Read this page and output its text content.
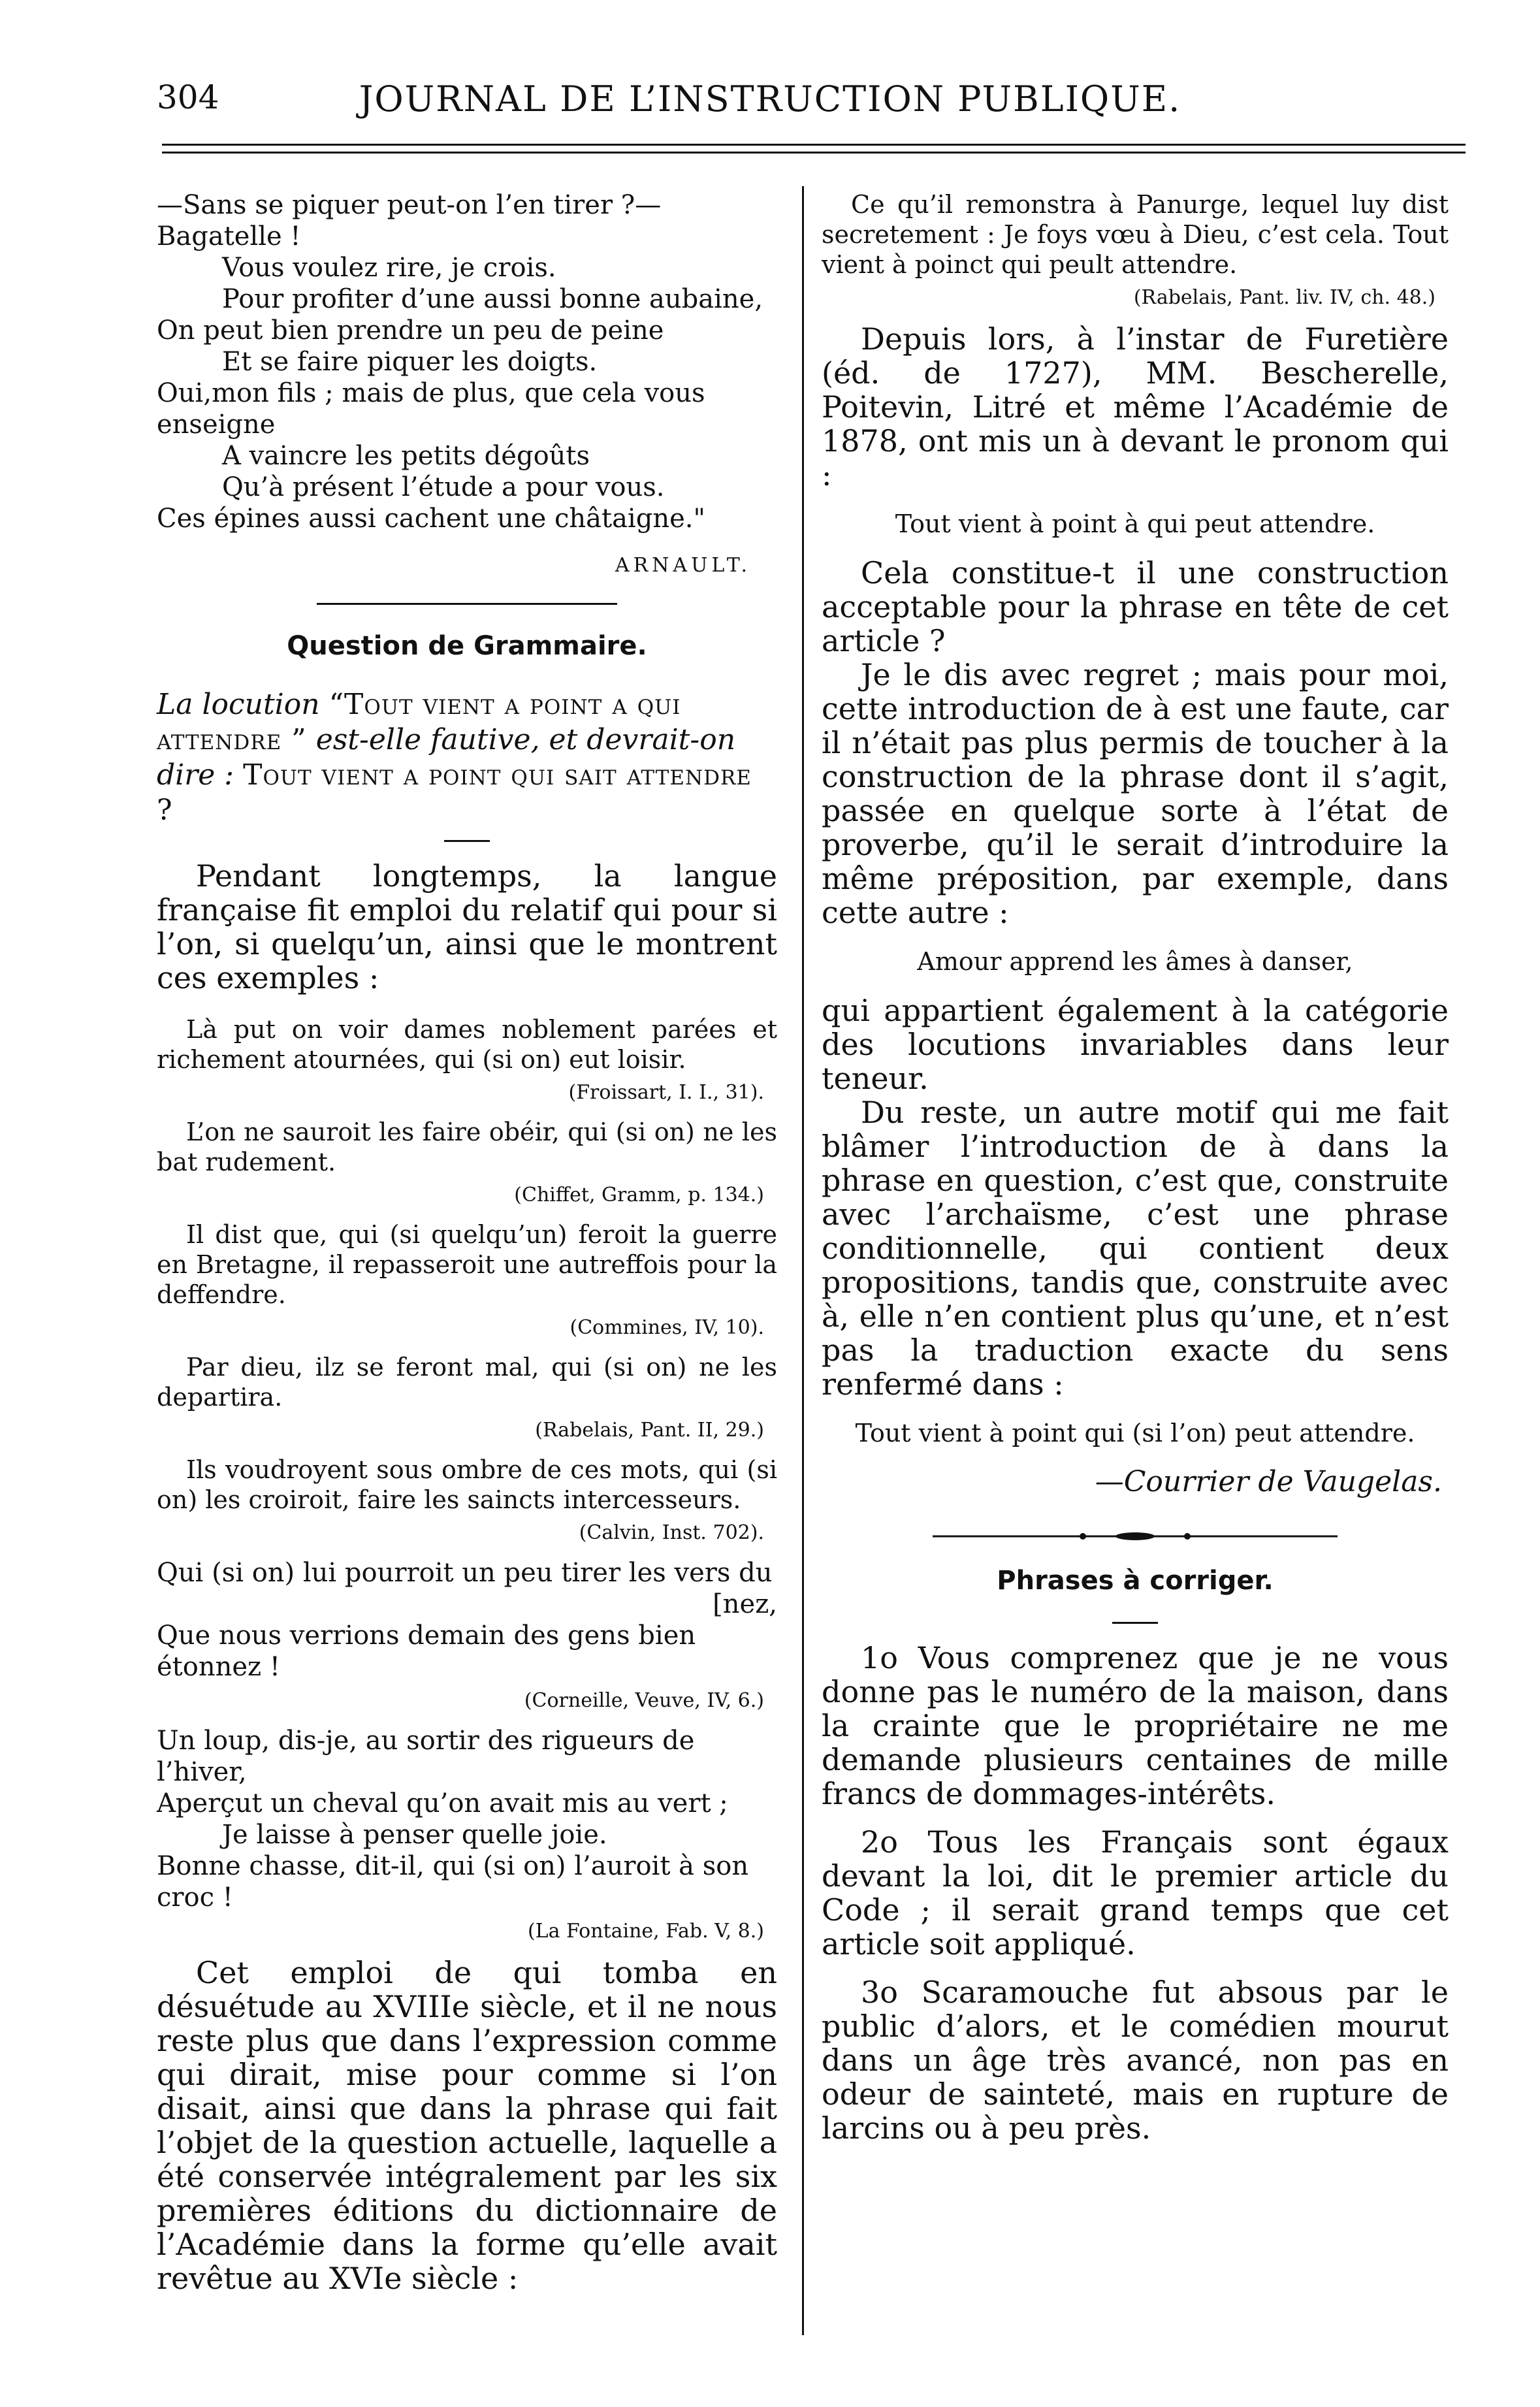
304	JOURNAL DE L’INSTRUCTION PUBLIQUE.

—Sans se piquer peut-on l’en tirer ?—Bagatelle !

Vous voulez rire, je crois.

Pour profiter d’une aussi bonne aubaine,

On peut bien prendre un peu de peine

Et se faire piquer les doigts.

Oui,mon fils ; mais de plus, que cela vous enseigne

A vaincre les petits dégoûts

Qu’à présent l’étude a pour vous.

Ces épines aussi cachent une châtaigne."

ARNAULT.

Question de Grammaire.

La locution “Tout vient a point a qui attendre ” est-elle fautive, et devrait-on dire : Tout vient a point qui sait attendre ?

Pendant longtemps, la langue française fit emploi du relatif qui pour si l’on, si quelqu’un, ainsi que le montrent ces exemples :

Là put on voir dames noblement parées et richement atournées, qui (si on) eut loisir.

(Froissart, I. I., 31).

L’on ne sauroit les faire obéir, qui (si on) ne les bat rudement.

(Chiffet, Gramm, p. 134.)

Il dist que, qui (si quelqu’un) feroit la guerre en Bretagne, il repasseroit une autreffois pour la deffendre.

(Commines, IV, 10).

Par dieu, ilz se feront mal, qui (si on) ne les departira.

(Rabelais, Pant. II, 29.)

Ils voudroyent sous ombre de ces mots, qui (si on) les croiroit, faire les saincts intercesseurs.

(Calvin, Inst. 702).

Qui (si on) lui pourroit un peu tirer les vers du

[nez,

Que nous verrions demain des gens bien étonnez !

(Corneille, Veuve, IV, 6.)

Un loup, dis-je, au sortir des rigueurs de l’hiver,

Aperçut un cheval qu’on avait mis au vert ;

Je laisse à penser quelle joie.

Bonne chasse, dit-il, qui (si on) l’auroit à son croc !

(La Fontaine, Fab. V, 8.)

Cet emploi de qui tomba en désuétude au XVIIIe siècle, et il ne nous reste plus que dans l’expression comme qui dirait, mise pour comme si l’on disait, ainsi que dans la phrase qui fait l’objet de la question actuelle, laquelle a été conservée intégralement par les six premières éditions du dictionnaire de l’Académie dans la forme qu’elle avait revêtue au XVIe siècle :

Ce qu’il remonstra à Panurge, lequel luy dist secretement : Je foys vœu à Dieu, c’est cela. Tout vient à poinct qui peult attendre.

(Rabelais, Pant. liv. IV, ch. 48.)

Depuis lors, à l’instar de Furetière (éd. de 1727), MM. Bescherelle, Poitevin, Litré et même l’Académie de 1878, ont mis un à devant le pronom qui :

Tout vient à point à qui peut attendre.

Cela constitue-t il une construction acceptable pour la phrase en tête de cet article ?

Je le dis avec regret ; mais pour moi, cette introduction de à est une faute, car il n’était pas plus permis de toucher à la construction de la phrase dont il s’agit, passée en quelque sorte à l’état de proverbe, qu’il le serait d’introduire la même préposition, par exemple, dans cette autre :

Amour apprend les âmes à danser,

qui appartient également à la catégorie des locutions invariables dans leur teneur.

Du reste, un autre motif qui me fait blâmer l’introduction de à dans la phrase en question, c’est que, construite avec l’archaïsme, c’est une phrase conditionnelle, qui contient deux propositions, tandis que, construite avec à, elle n’en contient plus qu’une, et n’est pas la traduction exacte du sens renfermé dans :

Tout vient à point qui (si l’on) peut attendre.

—Courrier de Vaugelas.

Phrases à corriger.

1o Vous comprenez que je ne vous donne pas le numéro de la maison, dans la crainte que le propriétaire ne me demande plusieurs centaines de mille francs de dommages-intérêts.

2o Tous les Français sont égaux devant la loi, dit le premier article du Code ; il serait grand temps que cet article soit appliqué.

3o Scaramouche fut absous par le public d’alors, et le comédien mourut dans un âge très avancé, non pas en odeur de sainteté, mais en rupture de larcins ou à peu près.
